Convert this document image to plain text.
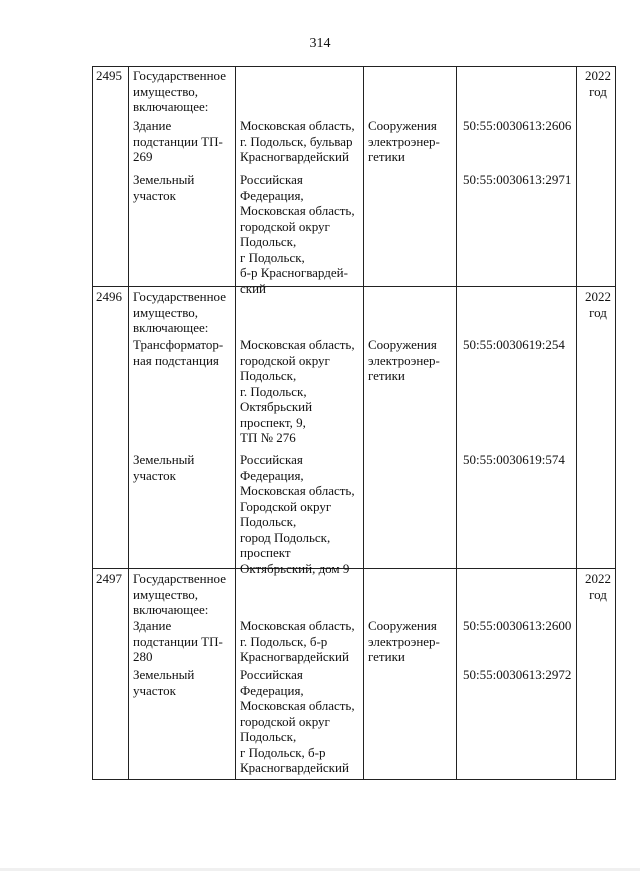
314
2495 Государственное
имущество,
включающее:
2022
год
Здание
подстанции ТП-
269
Московская область,
г. Подольск, бульвар
Красногвардейский
Сооружения
электроэнер-
гетики
50:55:0030613:2606
Земельный
участок
Российская
Федерация,
Московская область,
городской округ
Подольск,
г Подольск,
б-р Красногвардей-
ский
50:55:0030613:2971
2496 Государственное
имущество,
включающее:
2022
год
Трансформатор-
ная подстанция
Московская область,
городской округ
Подольск,
г. Подольск,
Октябрьский
проспект, 9,
ТП № 276
Сооружения
электроэнер-
гетики
50:55:0030619:254
Земельный
участок
Российская
Федерация,
Московская область,
Городской округ
Подольск,
город Подольск,
проспект
Октябрьский, дом 9
50:55:0030619:574
2497 Государственное
имущество,
включающее:
2022
год
Здание
подстанции ТП-
280
Московская область,
г. Подольск, б-р
Красногвардейский
Сооружения
электроэнер-
гетики
50:55:0030613:2600
Земельный
участок
Российская
Федерация,
Московская область,
городской округ
Подольск,
г Подольск, б-р
Красногвардейский
50:55:0030613:2972
